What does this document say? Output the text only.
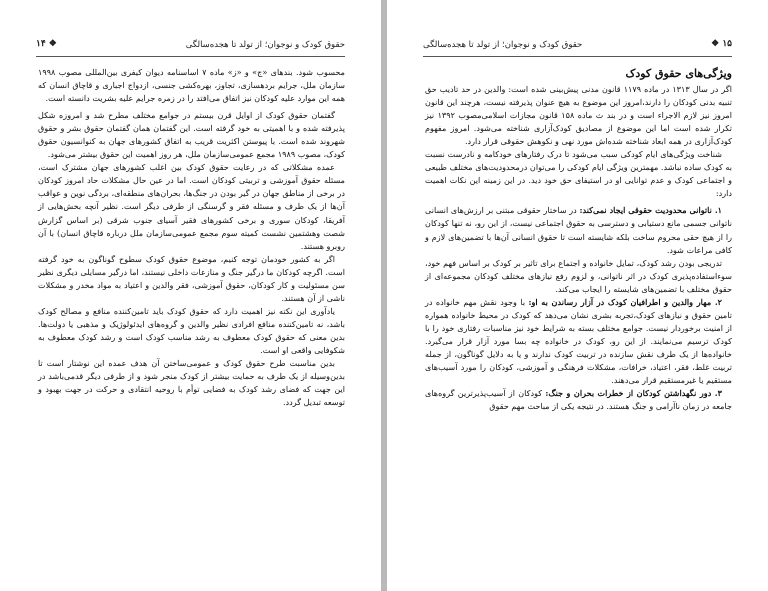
حقوق کودک و نوجوان؛ از تولد تا هجده‌سالگی
۱۴ ❖

محسوب شود. بندهای «ج» و «ز» ماده ۷ اساسنامه دیوان کیفری بین‌المللی مصوب ۱۹۹۸ سازمان ملل، جرایم بردهسازی، تجاوز، بهره‌کشی جنسی، ازدواج اجباری و قاچاق انسان که همه این موارد علیه کودکان نیز اتفاق می‌افتد را در زمره جرایم علیه بشریت دانسته است.

گفتمان حقوق کودک از اوایل قرن بیستم در جوامع مختلف مطرح شد و امروزه شکل پذیرفته شده و با اهمیتی به خود گرفته است. این گفتمان همان گفتمان حقوق بشر و حقوق شهروند شده است. با پیوستن اکثریت قریب به اتفاق کشورهای جهان به کنوانسیون حقوق کودک، مصوب ۱۹۸۹ مجمع عمومی‌سازمان ملل، هر روز اهمیت این حقوق بیشتر می‌شود.

عمده مشکلاتی که در رعایت حقوق کودک بین اغلب کشورهای جهان مشترک است، مسئله حقوق آموزشی و تربیتی کودکان است. اما در عین حال مشکلات حاد امروز کودکان در برخی از مناطق جهان در گیر بودن در جنگ‌ها، بحران‌های منطقه‌ای، بردگی نوین و عواقب آن‌ها از یک طرف و مسئله فقر و گرسنگی از طرفی دیگر است. نظیر آنچه بخش‌هایی از آفریقا، کودکان سوری و برخی کشورهای فقیر آسیای جنوب شرقی (بر اساس گزارش شصت وهشتمین نشست کمیته سوم مجمع عمومی‌سازمان ملل درباره قاچاق انسان) با آن روبرو هستند.

اگر به کشور خودمان توجه کنیم، موضوع حقوق کودک سطوح گوناگون به خود گرفته است. اگرچه کودکان ما درگیر جنگ و منازعات داخلی نیستند، اما درگیر مسایلی دیگری نظیر سن مسئولیت و کار کودکان، حقوق آموزشی، فقر والدین و اعتیاد به مواد مخدر و مشکلات ناشی از آن هستند.

یادآوری این نکته نیز اهمیت دارد که حقوق کودک باید تامین‌کننده منافع و مصالح کودک باشد، نه تامین‌کننده منافع افرادی نظیر والدین و گروه‌های ایدئولوژیک و مذهبی یا دولت‌ها. بدین معنی که حقوق کودک معطوف به رشد مناسب کودک است و رشد کودک معطوف به شکوفایی واقعی او است.

بدین مناسبت طرح حقوق کودک و عمومی‌ساختن آن هدف عمده این نوشتار است تا بدین‌وسیله از یک طرف به حمایت بیشتر از کودک منجر شود و از طرفی دیگر قدمی‌باشد در این جهت که فضای رشد کودک به فضایی توأم با روحیه انتقادی و حرکت در جهت بهبود و توسعه تبدیل گردد.

حقوق کودک و نوجوان؛ از تولد تا هجده‌سالگی	❖ ۱۵
ویژگی‌های حقوق کودک

اگر در سال ۱۳۱۳ در ماده ۱۱۷۹ قانون مدنی پیش‌بینی شده است: والدین در حد تادیب حق تنبیه بدنی کودکان را دارند،امروز این موضوع به هیچ عنوان پذیرفته نیست، هرچند این قانون امروز نیز لازم الاجراء است و در بند ث ماده ۱۵۸ قانون مجازات اسلامی‌مصوب ۱۳۹۲ نیز تکرار شده است اما این موضوع از مصادیق کودک‌آزاری شناخته می‌شود. امروز مفهوم کودک‌آزاری در همه ابعاد شناخته شده‌اش مورد نهی و نکوهش حقوقی قرار دارد.

شناخت ویژگی‌های ایام کودکی سبب می‌شود تا درک رفتارهای خودکامه و نادرست نسبت به کودک ساده نباشد. مهمترین ویژگی ایام کودکی را می‌توان در‌محدودیت‌های مختلف طبیعی و اجتماعی کودک و عدم توانایی او در استیفای حق خود دید. در این زمینه این نکات اهمیت دارد:

۱. ناتوانی محدودیت حقوقی ایجاد نمی‌کند: در ساختار حقوقی مبتنی بر ارزش‌های انسانی ناتوانی جسمی‌ مانع دستیابی و دسترسی به حقوق اجتماعی نیست، از این رو، نه تنها کودکان را از هیچ حقی محروم ساخت بلکه شایسته است تا حقوق انسانی آن‌ها با تضمین‌های لازم و کافی مراعات شود.

تدریجی بودن رشد کودک، تمایل خانواده و اجتماع برای تاثیر بر کودک بر اساس فهم خود، سوءاستفاده‌پذیری کودک در اثر ناتوانی، و لزوم رفع نیازهای مختلف کودکان مجموعه‌ای از حقوق مختلف با تضمین‌های شایسته را ایجاب می‌کند.

۲. مهار والدین و اطرافیان کودک در آزار رساندن به او: با وجود نقش مهم خانواده در تامین حقوق و نیازهای کودک،تجربه بشری نشان می‌دهد که کودک در محیط خانواده همواره از امنیت برخوردار نیست. جوامع مختلف بسته به شرایط خود نیز مناسبات رفتاری خود را با کودک ترسیم می‌نمایند. از این رو، کودک در خانواده چه بسا مورد آزار قرار می‌گیرد. خانواده‌ها از یک طرف نقش سازنده در تربیت کودک ندارند و یا به دلایل گوناگون، از جمله تربیت غلط، فقر، اعتیاد، خرافات، مشکلات فرهنگی و آموزشی، کودکان را مورد آسیب‌های مستقیم یا غیرمستقیم قرار می‌دهند.

۳. دور نگهداشتن کودکان از خطرات بحران و جنگ: کودکان از آسیب‌پذیرترین گروه‌های جامعه در زمان ناآرامی و جنگ هستند. در نتیجه یکی از مباحث مهم حقوق
